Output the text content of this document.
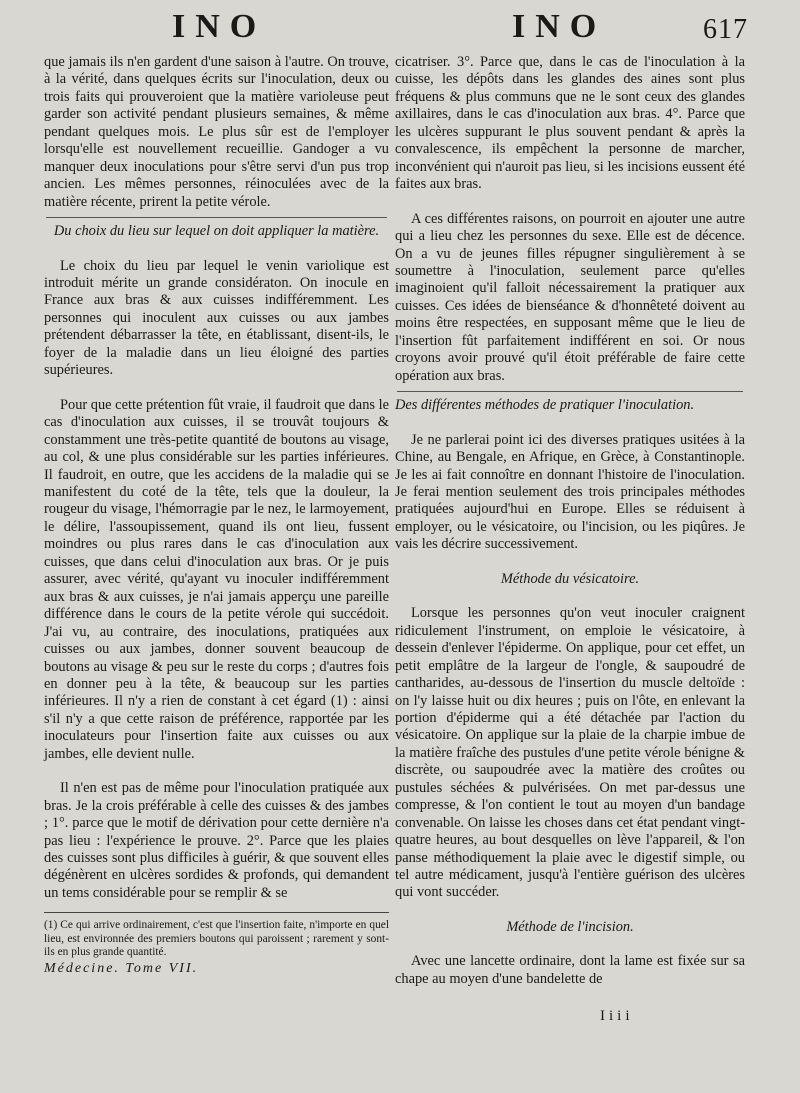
INO	INO	617

que jamais ils n'en gardent d'une saison à l'autre. On trouve, à la vérité, dans quelques écrits sur l'inoculation, deux ou trois faits qui prouveroient que la matière varioleuse peut garder son activité pendant plusieurs semaines, & même pendant quelques mois. Le plus sûr est de l'employer lorsqu'elle est nouvellement recueillie. Gandoger a vu manquer deux inoculations pour s'être servi d'un pus trop ancien. Les mêmes personnes, réinoculées avec de la matière récente, prirent la petite vérole.

Du choix du lieu sur lequel on doit appliquer la matière.

Le choix du lieu par lequel le venin variolique est introduit mérite un grande considératon. On inocule en France aux bras & aux cuisses indifféremment. Les personnes qui inoculent aux cuisses ou aux jambes prétendent débarrasser la tête, en établissant, disent-ils, le foyer de la maladie dans un lieu éloigné des parties supérieures.

Pour que cette prétention fût vraie, il faudroit que dans le cas d'inoculation aux cuisses, il se trouvât toujours & constamment une très-petite quantité de boutons au visage, au col, & une plus considérable sur les parties inférieures. Il faudroit, en outre, que les accidens de la maladie qui se manifestent du coté de la tête, tels que la douleur, la rougeur du visage, l'hémorragie par le nez, le larmoyement, le délire, l'assoupissement, quand ils ont lieu, fussent moindres ou plus rares dans le cas d'inoculation aux cuisses, que dans celui d'inoculation aux bras. Or je puis assurer, avec vérité, qu'ayant vu inoculer indifféremment aux bras & aux cuisses, je n'ai jamais apperçu une pareille différence dans le cours de la petite vérole qui succédoit. J'ai vu, au contraire, des inoculations, pratiquées aux cuisses ou aux jambes, donner souvent beaucoup de boutons au visage & peu sur le reste du corps ; d'autres fois en donner peu à la tête, & beaucoup sur les parties inférieures. Il n'y a rien de constant à cet égard (1) : ainsi s'il n'y a que cette raison de préférence, rapportée par les inoculateurs pour l'insertion faite aux cuisses ou aux jambes, elle devient nulle.

Il n'en est pas de même pour l'inoculation pratiquée aux bras. Je la crois préférable à celle des cuisses & des jambes ; 1°. parce que le motif de dérivation pour cette dernière n'a pas lieu : l'expérience le prouve. 2°. Parce que les plaies des cuisses sont plus difficiles à guérir, & que souvent elles dégénèrent en ulcères sordides & profonds, qui demandent un tems considérable pour se remplir & se

(1) Ce qui arrive ordinairement, c'est que l'insertion faite, n'importe en quel lieu, est environnée des premiers boutons qui paroissent ; rarement y sont-ils en plus grande quantité.

Médecine. Tome VII.

cicatriser. 3°. Parce que, dans le cas de l'inoculation à la cuisse, les dépôts dans les glandes des aines sont plus fréquens & plus communs que ne le sont ceux des glandes axillaires, dans le cas d'inoculation aux bras. 4°. Parce que les ulcères suppurant le plus souvent pendant & après la convalescence, ils empêchent la personne de marcher, inconvénient qui n'auroit pas lieu, si les incisions eussent été faites aux bras.

A ces différentes raisons, on pourroit en ajouter une autre qui a lieu chez les personnes du sexe. Elle est de décence. On a vu de jeunes filles répugner singulièrement à se soumettre à l'inoculation, seulement parce qu'elles imaginoient qu'il falloit nécessairement la pratiquer aux cuisses. Ces idées de bienséance & d'honnêteté doivent au moins être respectées, en supposant même que le lieu de l'insertion fût parfaitement indifférent en soi. Or nous croyons avoir prouvé qu'il étoit préférable de faire cette opération aux bras.

Des différentes méthodes de pratiquer l'inoculation.

Je ne parlerai point ici des diverses pratiques usitées à la Chine, au Bengale, en Afrique, en Grèce, à Constantinople. Je les ai fait connoître en donnant l'histoire de l'inoculation. Je ferai mention seulement des trois principales méthodes pratiquées aujourd'hui en Europe. Elles se réduisent à employer, ou le vésicatoire, ou l'incision, ou les piqûres. Je vais les décrire successivement.

Méthode du vésicatoire.

Lorsque les personnes qu'on veut inoculer craignent ridiculement l'instrument, on emploie le vésicatoire, à dessein d'enlever l'épiderme. On applique, pour cet effet, un petit emplâtre de la largeur de l'ongle, & saupoudré de cantharides, au-dessous de l'insertion du muscle deltoïde : on l'y laisse huit ou dix heures ; puis on l'ôte, en enlevant la portion d'épiderme qui a été détachée par l'action du vésicatoire. On applique sur la plaie de la charpie imbue de la matière fraîche des pustules d'une petite vérole bénigne & discrète, ou saupoudrée avec la matière des croûtes ou pustules séchées & pulvérisées. On met par-dessus une compresse, & l'on contient le tout au moyen d'un bandage convenable. On laisse les choses dans cet état pendant vingt-quatre heures, au bout desquelles on lève l'appareil, & l'on panse méthodiquement la plaie avec le digestif simple, ou tel autre médicament, jusqu'à l'entière guérison des ulcères qui vont succéder.

Méthode de l'incision.

Avec une lancette ordinaire, dont la lame est fixée sur sa chape au moyen d'une bandelette de

Iiii
